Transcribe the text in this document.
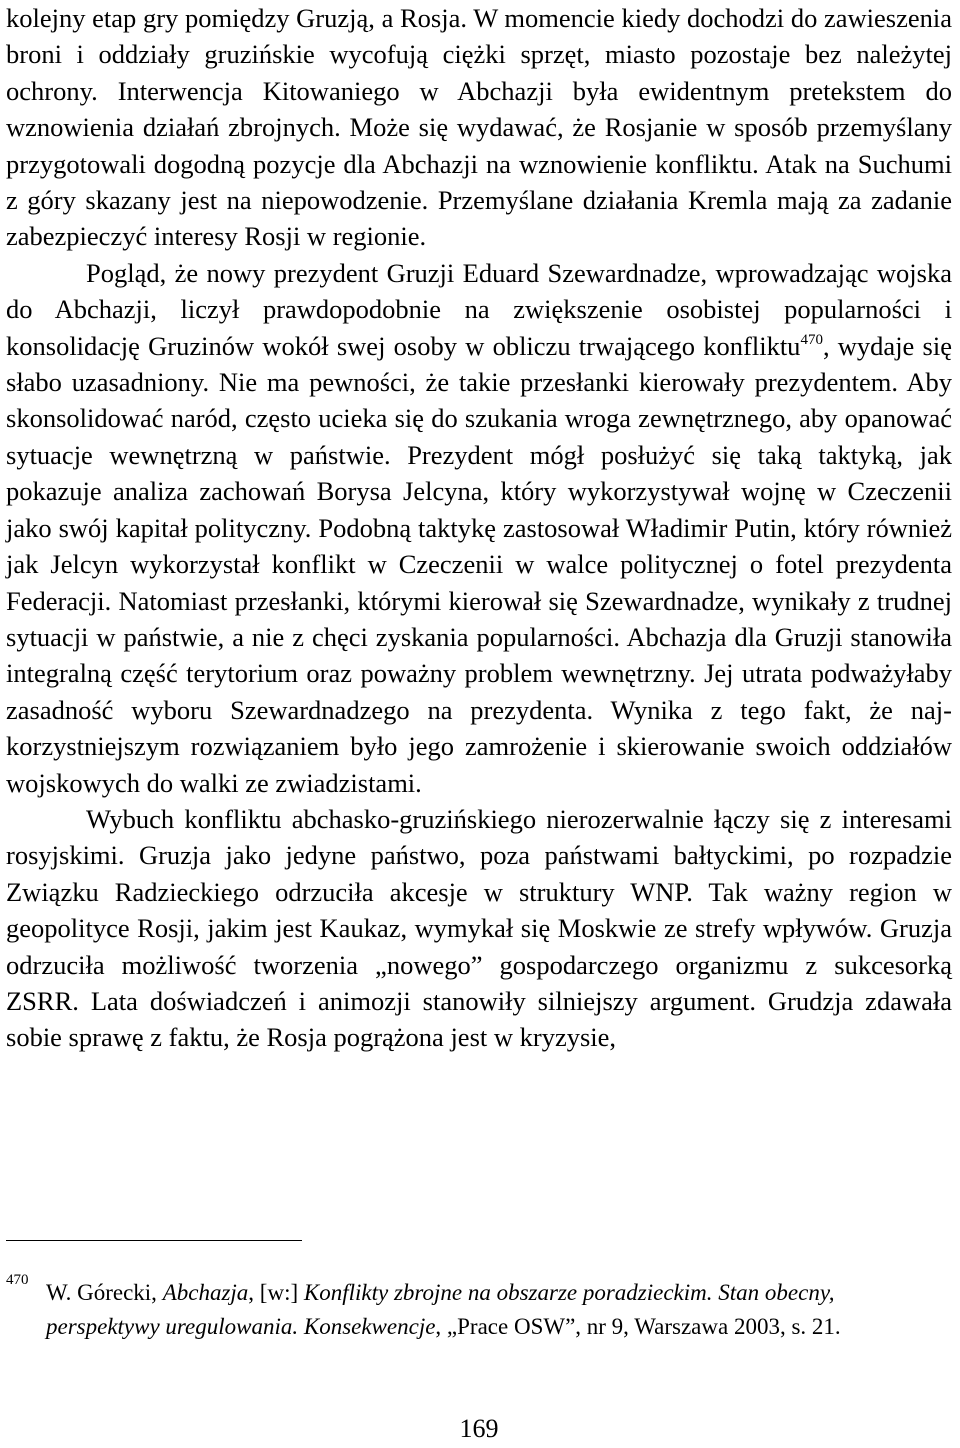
kolejny etap gry pomiędzy Gruzją, a Rosja. W momencie kiedy dochodzi do zawieszenia broni i oddziały gruzińskie wycofują ciężki sprzęt, miasto pozostaje bez należytej ochrony. Interwencja Kitowaniego w Abchazji była ewidentnym pretekstem do wznowienia działań zbrojnych. Może się wydawać, że Rosjanie w sposób przemyślany przygotowali dogodną pozycje dla Abchazji na wznowienie konfliktu. Atak na Suchumi z góry skazany jest na niepowodzenie. Przemyślane działania Kremla mają za zadanie zabezpieczyć interesy Rosji w regionie.

Pogląd, że nowy prezydent Gruzji Eduard Szewardnadze, wprowadzając wojska do Abchazji, liczył prawdopodobnie na zwiększenie osobistej popularności i konsolidację Gruzinów wokół swej osoby w obliczu trwającego konfliktu$^{470}$, wydaje się słabo uzasadniony. Nie ma pewności, że takie przesłanki kierowały prezydentem. Aby skonsolidować naród, często ucieka się do szukania wroga zewnętrznego, aby opanować sytuacje wewnętrzną w państwie. Prezydent mógł posłużyć się taką taktyką, jak pokazuje analiza zachowań Borysa Jelcyna, który wykorzystywał wojnę w Czeczenii jako swój kapitał polityczny. Podobną taktykę zastosował Władimir Putin, który również jak Jelcyn wykorzystał konflikt w Czeczenii w walce politycznej o fotel prezydenta Federacji. Natomiast przesłanki, którymi kierował się Szewardnadze, wynikały z trudnej sytuacji w państwie, a nie z chęci zyskania popularności. Abchazja dla Gruzji stanowiła integralną część terytorium oraz poważny problem wewnętrzny. Jej utrata podważyłaby zasadność wyboru Szewardnadzego na prezydenta. Wynika z tego fakt, że najkorzystniejszym rozwiązaniem było jego zamrożenie i skierowanie swoich oddziałów wojskowych do walki ze zwiadzistami.

Wybuch konfliktu abchasko-gruzińskiego nierozerwalnie łączy się z interesami rosyjskimi. Gruzja jako jedyne państwo, poza państwami bałtyckimi, po rozpadzie Związku Radzieckiego odrzuciła akcesje w struktury WNP. Tak ważny region w geopolityce Rosji, jakim jest Kaukaz, wymykał się Moskwie ze strefy wpływów. Gruzja odrzuciła możliwość tworzenia „nowego” gospodarczego organizmu z sukcesorką ZSRR. Lata doświadczeń i animozji stanowiły silniejszy argument. Grudzja zdawała sobie sprawę z faktu, że Rosja pogrążona jest w kryzysie,

470 W. Górecki, Abchazja, [w:] Konflikty zbrojne na obszarze poradzieckim. Stan obecny, perspektywy uregulowania. Konsekwencje, „Prace OSW”, nr 9, Warszawa 2003, s. 21.
169
